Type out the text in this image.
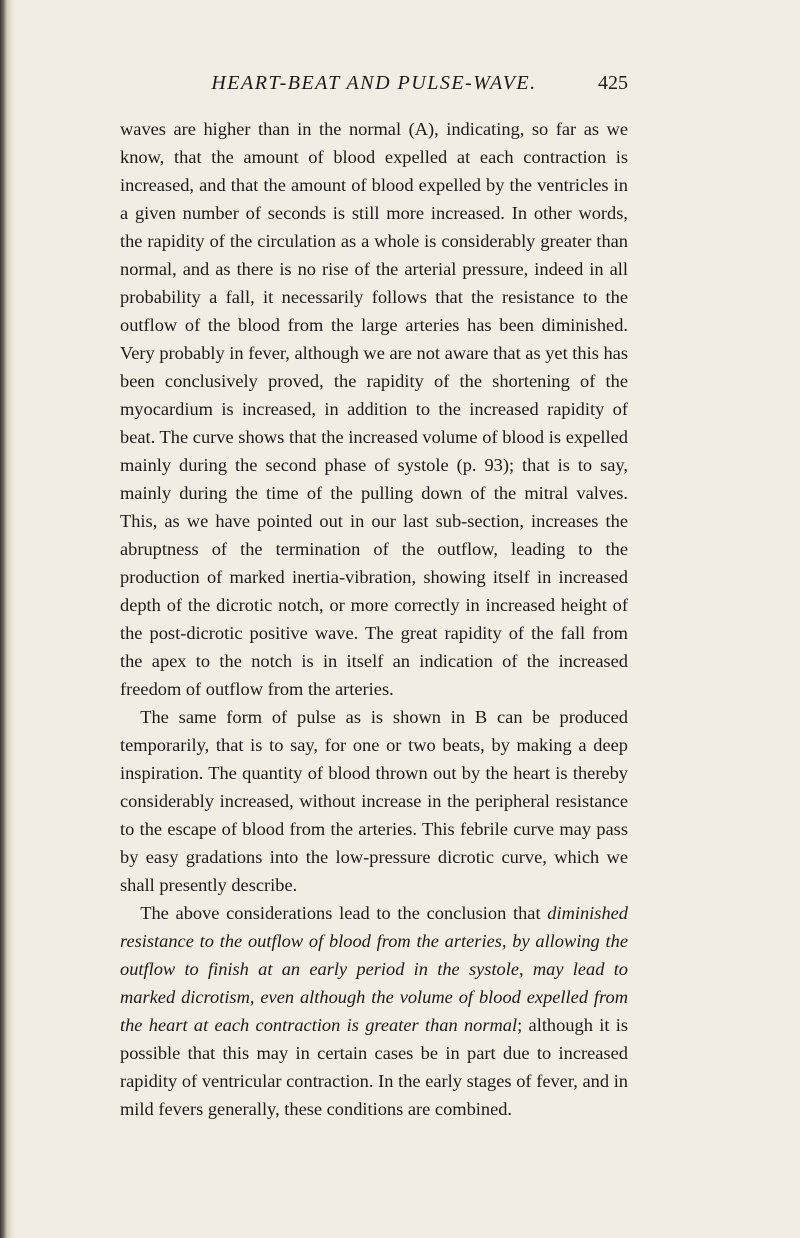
HEART-BEAT AND PULSE-WAVE.	425

waves are higher than in the normal (A), indicating, so far as we know, that the amount of blood expelled at each contraction is increased, and that the amount of blood expelled by the ventricles in a given number of seconds is still more increased. In other words, the rapidity of the circulation as a whole is considerably greater than normal, and as there is no rise of the arterial pressure, indeed in all probability a fall, it necessarily follows that the resistance to the outflow of the blood from the large arteries has been diminished. Very probably in fever, although we are not aware that as yet this has been conclusively proved, the rapidity of the shortening of the myocardium is increased, in addition to the increased rapidity of beat. The curve shows that the increased volume of blood is expelled mainly during the second phase of systole (p. 93); that is to say, mainly during the time of the pulling down of the mitral valves. This, as we have pointed out in our last sub-section, increases the abruptness of the termination of the outflow, leading to the production of marked inertia-vibration, showing itself in increased depth of the dicrotic notch, or more correctly in increased height of the post-dicrotic positive wave. The great rapidity of the fall from the apex to the notch is in itself an indication of the increased freedom of outflow from the arteries.

The same form of pulse as is shown in B can be produced temporarily, that is to say, for one or two beats, by making a deep inspiration. The quantity of blood thrown out by the heart is thereby considerably increased, without increase in the peripheral resistance to the escape of blood from the arteries. This febrile curve may pass by easy gradations into the low-pressure dicrotic curve, which we shall presently describe.

The above considerations lead to the conclusion that diminished resistance to the outflow of blood from the arteries, by allowing the outflow to finish at an early period in the systole, may lead to marked dicrotism, even although the volume of blood expelled from the heart at each contraction is greater than normal; although it is possible that this may in certain cases be in part due to increased rapidity of ventricular contraction. In the early stages of fever, and in mild fevers generally, these conditions are combined.
